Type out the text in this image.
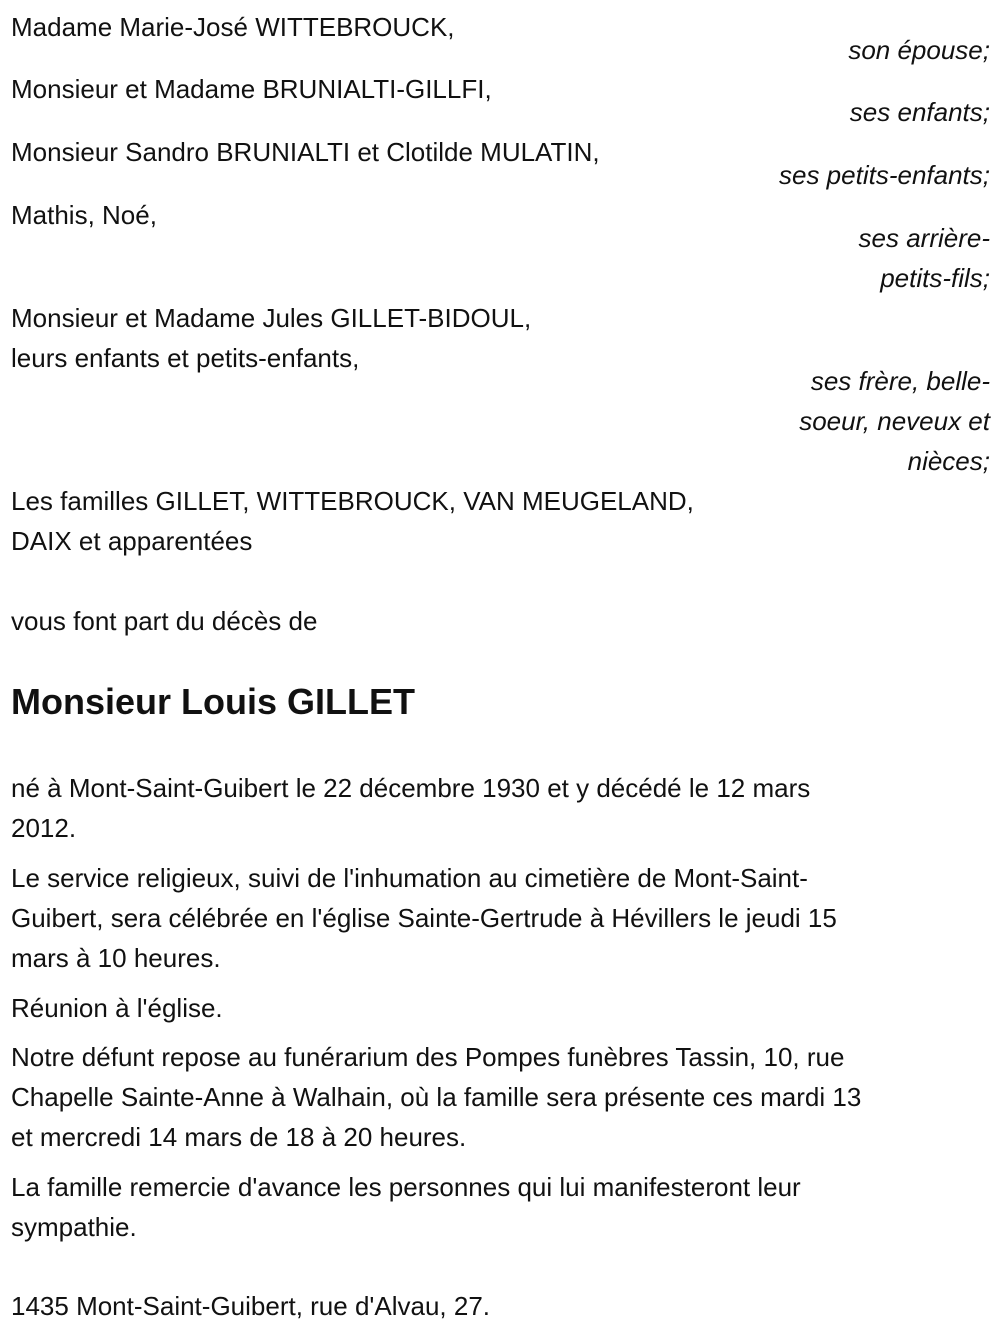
Madame Marie-José WITTEBROUCK,
son épouse;
Monsieur et Madame BRUNIALTI-GILLFI,
ses enfants;
Monsieur Sandro BRUNIALTI et Clotilde MULATIN,
ses petits-enfants;
Mathis, Noé,
ses arrière-
petits-fils;
Monsieur et Madame Jules GILLET-BIDOUL,
leurs enfants et petits-enfants,
ses frère, belle-
soeur, neveux et
nièces;
Les familles GILLET, WITTEBROUCK, VAN MEUGELAND,
DAIX et apparentées
vous font part du décès de
Monsieur Louis GILLET
né à Mont-Saint-Guibert le 22 décembre 1930 et y décédé le 12 mars
2012.
Le service religieux, suivi de l'inhumation au cimetière de Mont-Saint-
Guibert, sera célébrée en l'église Sainte-Gertrude à Hévillers le jeudi 15
mars à 10 heures.
Réunion à l'église.
Notre défunt repose au funérarium des Pompes funèbres Tassin, 10, rue
Chapelle Sainte-Anne à Walhain, où la famille sera présente ces mardi 13
et mercredi 14 mars de 18 à 20 heures.
La famille remercie d'avance les personnes qui lui manifesteront leur
sympathie.
1435 Mont-Saint-Guibert, rue d'Alvau, 27.
